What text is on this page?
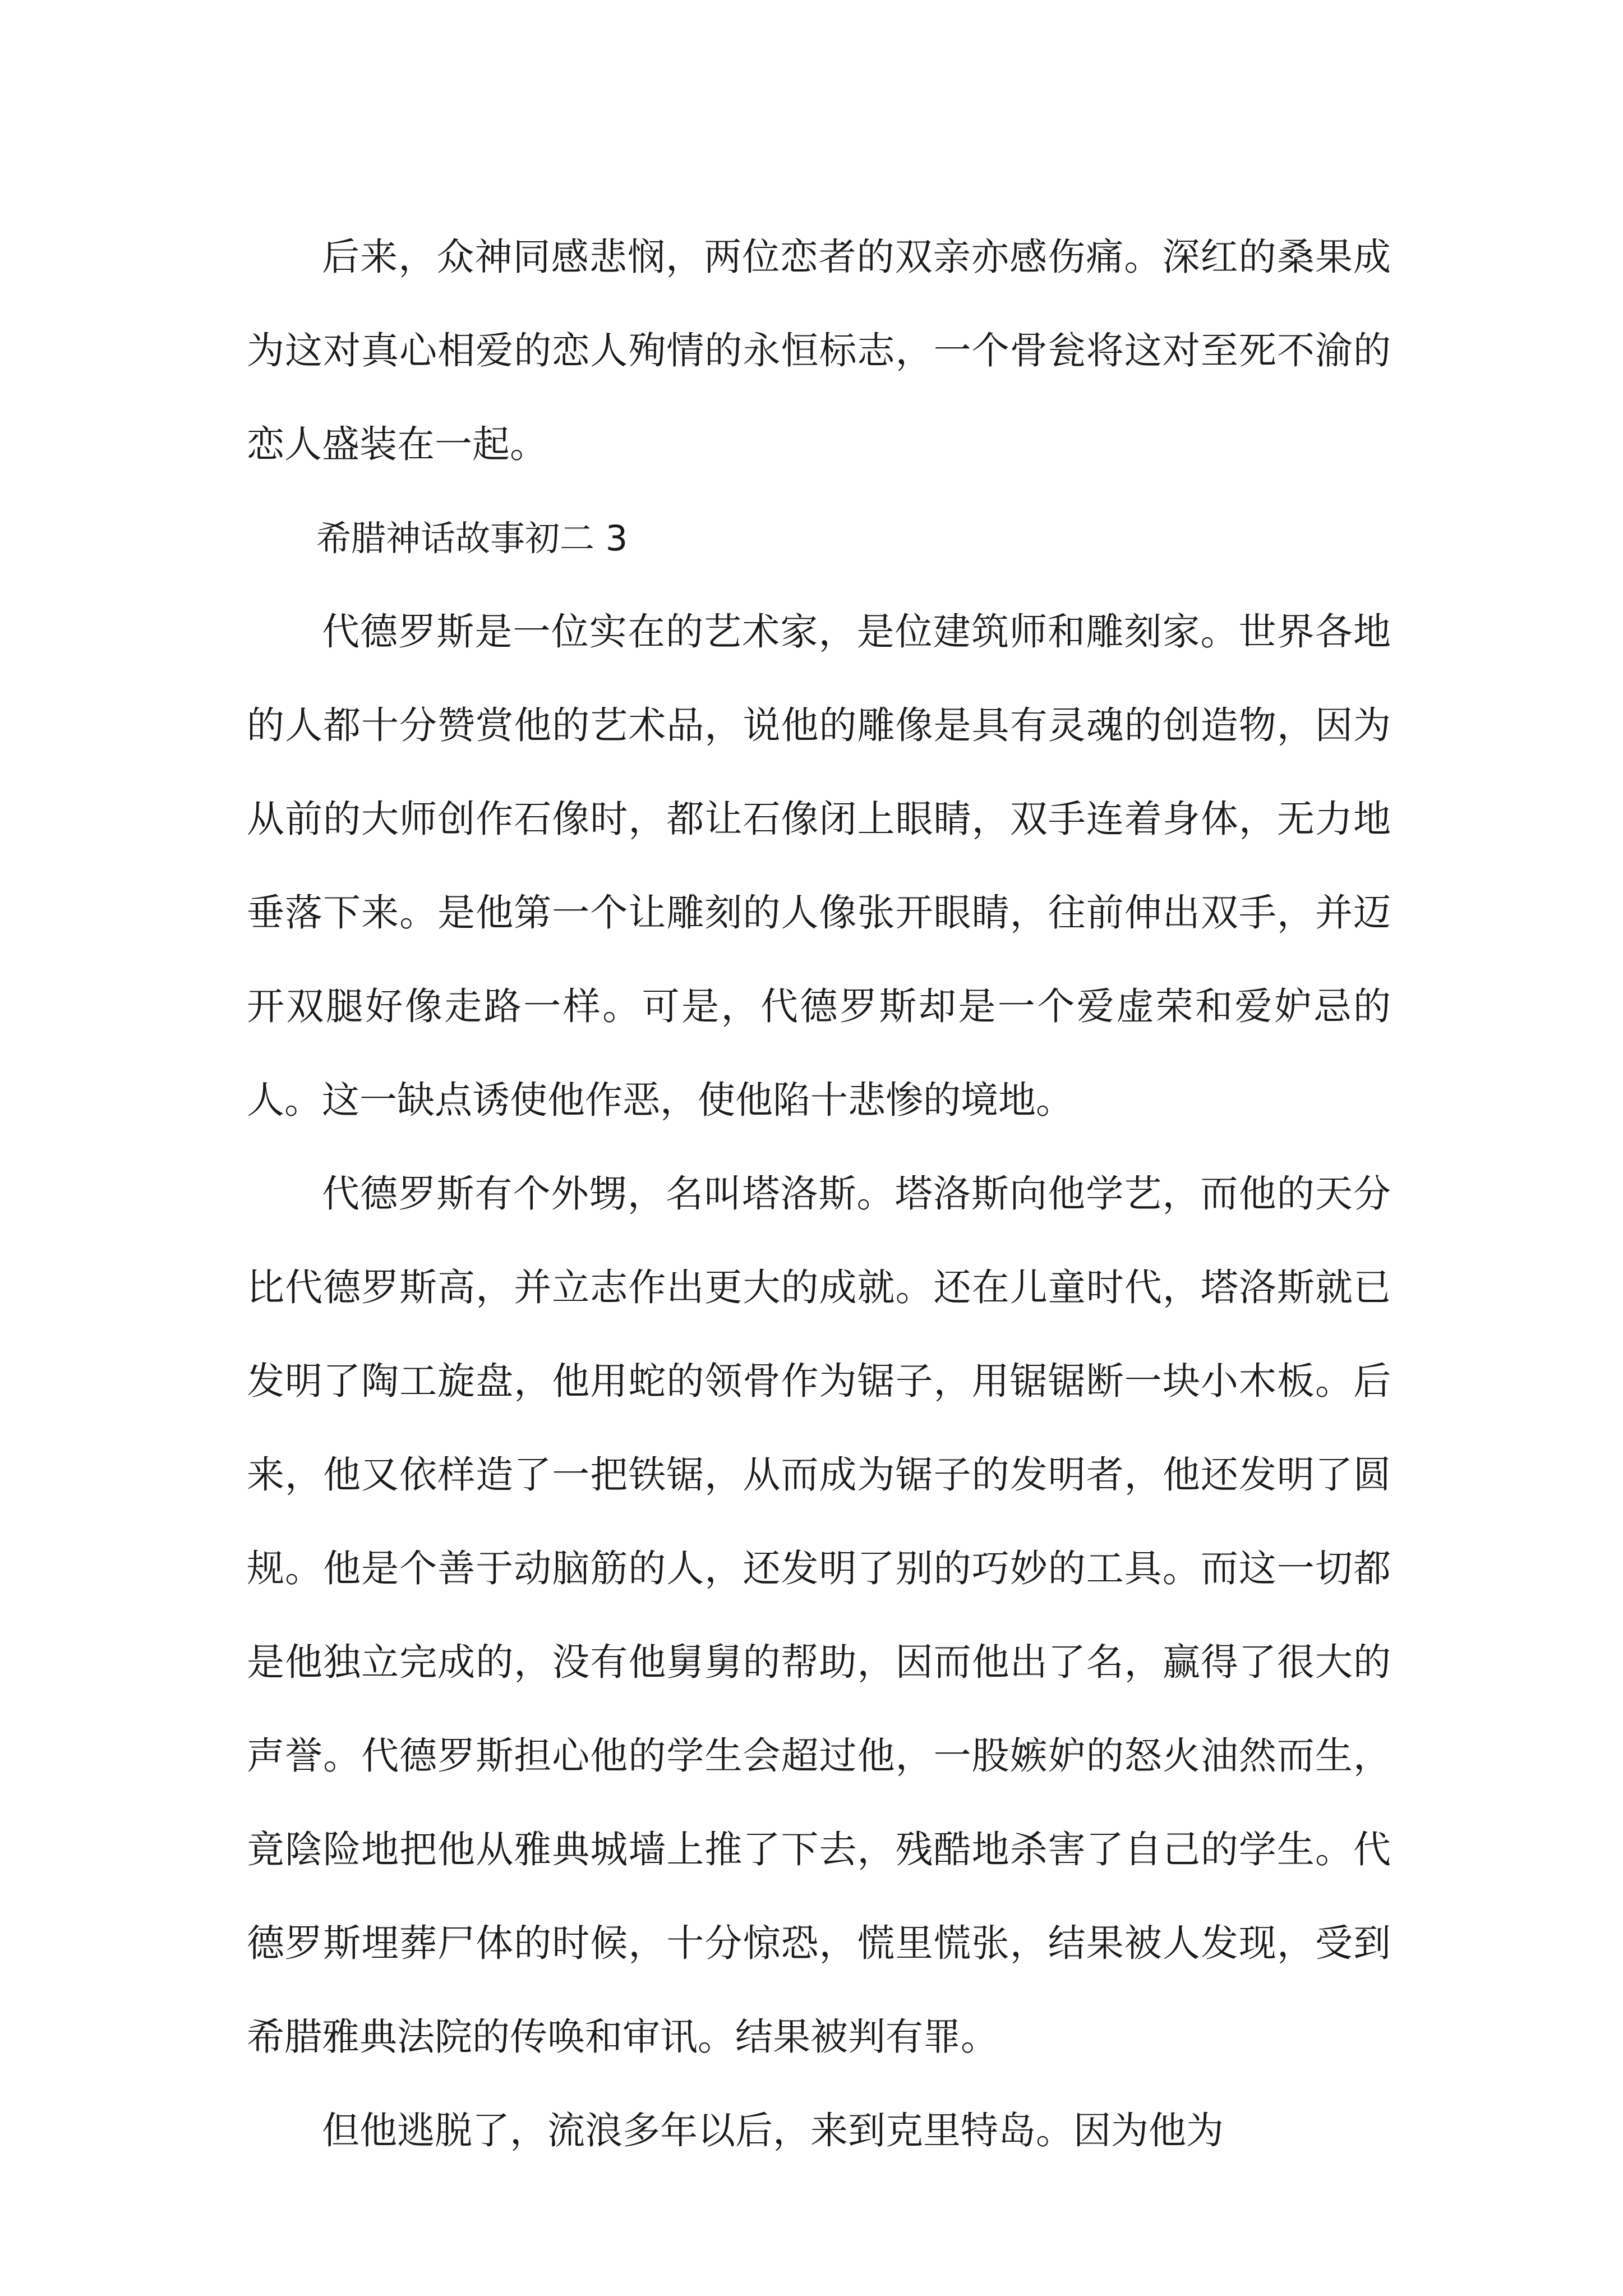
后来，众神同感悲悯，两位恋者的双亲亦感伤痛。深红的桑果成为这对真心相爱的恋人殉情的永恒标志，一个骨瓮将这对至死不渝的恋人盛装在一起。

希腊神话故事初二 3

代德罗斯是一位实在的艺术家，是位建筑师和雕刻家。世界各地的人都十分赞赏他的艺术品，说他的雕像是具有灵魂的创造物，因为从前的大师创作石像时，都让石像闭上眼睛，双手连着身体，无力地垂落下来。是他第一个让雕刻的人像张开眼睛，往前伸出双手，并迈开双腿好像走路一样。可是，代德罗斯却是一个爱虚荣和爱妒忌的人。这一缺点诱使他作恶，使他陷十悲惨的境地。

代德罗斯有个外甥，名叫塔洛斯。塔洛斯向他学艺，而他的天分比代德罗斯高，并立志作出更大的成就。还在儿童时代，塔洛斯就已发明了陶工旋盘，他用蛇的领骨作为锯子，用锯锯断一块小木板。后来，他又依样造了一把铁锯，从而成为锯子的发明者，他还发明了圆规。他是个善于动脑筋的人，还发明了别的巧妙的工具。而这一切都是他独立完成的，没有他舅舅的帮助，因而他出了名，赢得了很大的声誉。代德罗斯担心他的学生会超过他，一股嫉妒的怒火油然而生，竟陰险地把他从雅典城墙上推了下去，残酷地杀害了自己的学生。代德罗斯埋葬尸体的时候，十分惊恐，慌里慌张，结果被人发现，受到希腊雅典法院的传唤和审讯。结果被判有罪。

但他逃脱了，流浪多年以后，来到克里特岛。因为他为
